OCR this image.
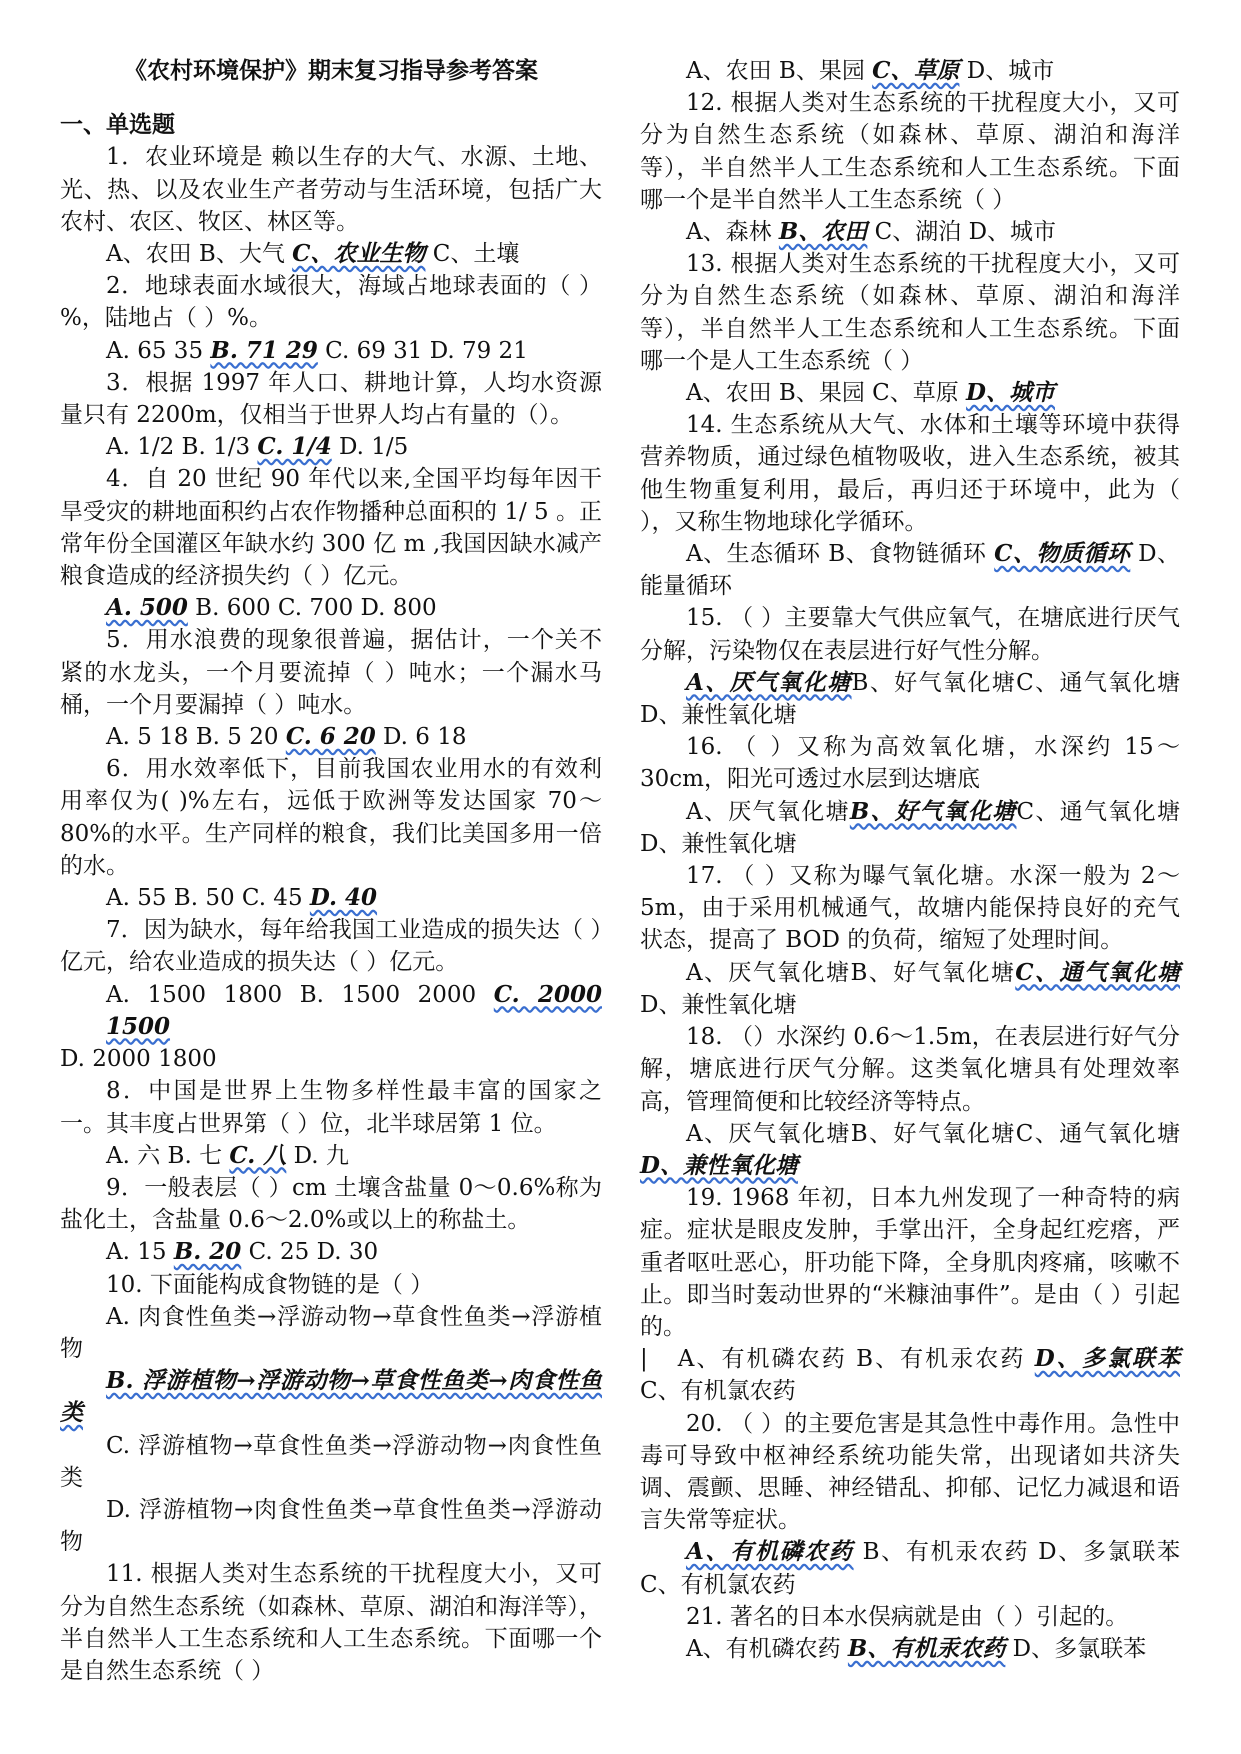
《农村环境保护》期末复习指导参考答案

一、单选题

1．农业环境是 赖以生存的大气、水源、土地、光、热、以及农业生产者劳动与生活环境，包括广大农村、农区、牧区、林区等。

A、农田 B、大气 C、农业生物 C、土壤

2．地球表面水域很大，海域占地球表面的（ ）%，陆地占（ ）%。

A. 65 35 B. 71 29 C. 69 31 D. 79 21

3．根据 1997 年人口、耕地计算，人均水资源量只有 2200m，仅相当于世界人均占有量的（）。

A. 1/2 B. 1/3 C. 1/4 D. 1/5

4．自 20 世纪 90 年代以来,全国平均每年因干旱受灾的耕地面积约占农作物播种总面积的 1/ 5 。正常年份全国灌区年缺水约 300 亿 m ,我国因缺水减产粮食造成的经济损失约（ ）亿元。

A. 500 B. 600 C. 700 D. 800

5．用水浪费的现象很普遍，据估计，一个关不紧的水龙头，一个月要流掉（ ）吨水；一个漏水马桶，一个月要漏掉（ ）吨水。

A. 5 18 B. 5 20 C. 6 20 D. 6 18

6．用水效率低下，目前我国农业用水的有效利用率仅为( )%左右，远低于欧洲等发达国家 70～80%的水平。生产同样的粮食，我们比美国多用一倍的水。

A. 55 B. 50 C. 45 D. 40

7．因为缺水，每年给我国工业造成的损失达（ ）亿元，给农业造成的损失达（ ）亿元。

A. 1500 1800 B. 1500 2000 C. 2000 1500

D. 2000 1800

8．中国是世界上生物多样性最丰富的国家之一。其丰度占世界第（ ）位，北半球居第 1 位。

A. 六 B. 七 C. 八 D. 九

9．一般表层（ ）cm 土壤含盐量 0～0.6%称为盐化土，含盐量 0.6～2.0%或以上的称盐土。

A. 15 B. 20 C. 25 D. 30

10. 下面能构成食物链的是（ ）

A. 肉食性鱼类→浮游动物→草食性鱼类→浮游植物

B. 浮游植物→浮游动物→草食性鱼类→肉食性鱼类

C. 浮游植物→草食性鱼类→浮游动物→肉食性鱼类

D. 浮游植物→肉食性鱼类→草食性鱼类→浮游动物

11. 根据人类对生态系统的干扰程度大小，又可分为自然生态系统（如森林、草原、湖泊和海洋等），半自然半人工生态系统和人工生态系统。下面哪一个是自然生态系统（ ）

A、农田 B、果园 C、草原 D、城市

12. 根据人类对生态系统的干扰程度大小，又可分为自然生态系统（如森林、草原、湖泊和海洋等），半自然半人工生态系统和人工生态系统。下面哪一个是半自然半人工生态系统（ ）

A、森林 B、农田 C、湖泊 D、城市

13. 根据人类对生态系统的干扰程度大小，又可分为自然生态系统（如森林、草原、湖泊和海洋等），半自然半人工生态系统和人工生态系统。下面哪一个是人工生态系统（ ）

A、农田 B、果园 C、草原 D、城市

14. 生态系统从大气、水体和土壤等环境中获得营养物质，通过绿色植物吸收，进入生态系统，被其他生物重复利用，最后，再归还于环境中，此为（ ），又称生物地球化学循环。

A、生态循环 B、食物链循环 C、物质循环 D、能量循环

15. （ ）主要靠大气供应氧气，在塘底进行厌气分解，污染物仅在表层进行好气性分解。

A、厌气氧化塘B、好气氧化塘C、通气氧化塘 D、兼性氧化塘

16. （ ）又称为高效氧化塘，水深约 15～30cm，阳光可透过水层到达塘底

A、厌气氧化塘B、好气氧化塘C、通气氧化塘 D、兼性氧化塘

17. （ ）又称为曝气氧化塘。水深一般为 2～5m，由于采用机械通气，故塘内能保持良好的充气状态，提高了 BOD 的负荷，缩短了处理时间。

A、厌气氧化塘B、好气氧化塘C、通气氧化塘 D、兼性氧化塘

18. （）水深约 0.6～1.5m，在表层进行好气分解，塘底进行厌气分解。这类氧化塘具有处理效率高，管理简便和比较经济等特点。

A、厌气氧化塘B、好气氧化塘C、通气氧化塘 D、兼性氧化塘

19. 1968 年初，日本九州发现了一种奇特的病症。症状是眼皮发肿，手掌出汗，全身起红疙瘩，严重者呕吐恶心，肝功能下降，全身肌肉疼痛，咳嗽不止。即当时轰动世界的“米糠油事件”。是由（ ）引起的。

| A、有机磷农药 B、有机汞农药 D、多氯联苯 C、有机氯农药

20. （ ）的主要危害是其急性中毒作用。急性中毒可导致中枢神经系统功能失常，出现诸如共济失调、震颤、思睡、神经错乱、抑郁、记忆力减退和语言失常等症状。

A、有机磷农药 B、有机汞农药 D、多氯联苯 C、有机氯农药

21. 著名的日本水俣病就是由（ ）引起的。

A、有机磷农药 B、有机汞农药 D、多氯联苯
